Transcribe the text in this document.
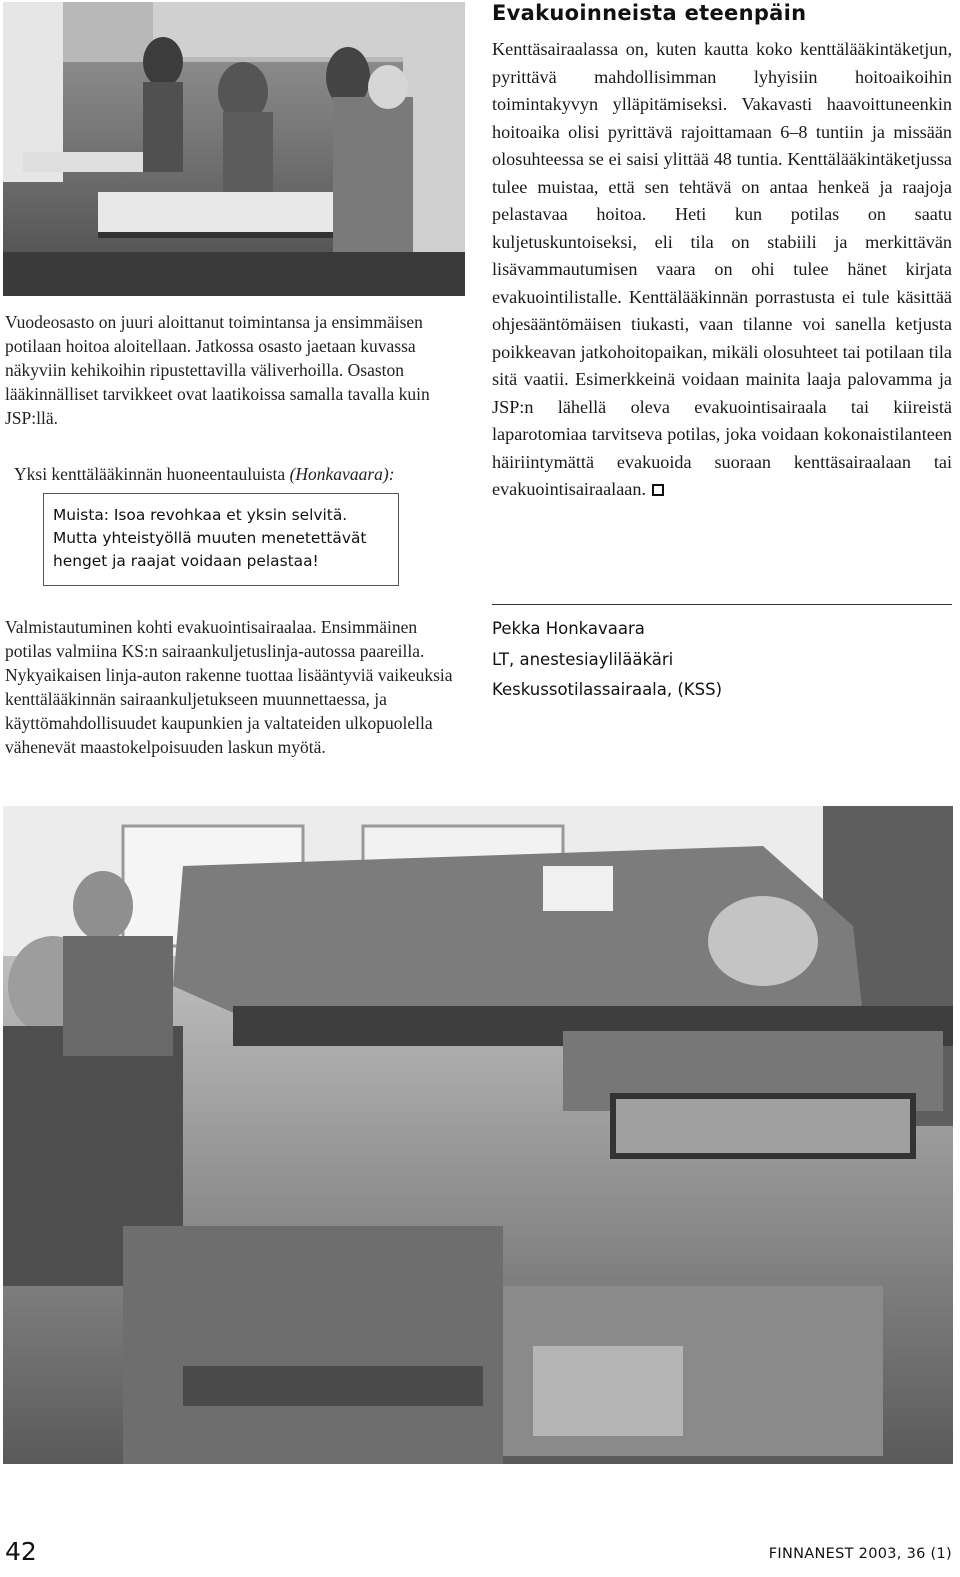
Vuodeosasto on juuri aloittanut toimintansa ja ensimmäisen potilaan hoitoa aloitellaan. Jatkossa osasto jaetaan kuvassa näkyviin kehikoihin ripustettavilla väliverhoilla. Osaston lääkinnälliset tarvikkeet ovat laatikoissa samalla tavalla kuin JSP:llä.
Yksi kenttälääkinnän huoneentauluista (Honkavaara):
Muista: Isoa revohkaa et yksin selvitä.
Mutta yhteistyöllä muuten menetettävät
henget ja raajat voidaan pelastaa!
Valmistautuminen kohti evakuointisairaalaa. Ensimmäinen potilas valmiina KS:n sairaankuljetuslinja-autossa paareilla. Nykyaikaisen linja-auton rakenne tuottaa lisääntyviä vaikeuksia kenttälääkinnän sairaankuljetukseen muunnettaessa, ja käyttömahdollisuudet kaupunkien ja valtateiden ulkopuolella vähenevät maastokelpoisuuden laskun myötä.
Evakuoinneista eteenpäin

Kenttäsairaalassa on, kuten kautta koko kenttälääkintäketjun, pyrittävä mahdollisimman lyhyisiin hoitoaikoihin toimintakyvyn ylläpitämiseksi. Vakavasti haavoittuneenkin hoitoaika olisi pyrittävä rajoittamaan 6–8 tuntiin ja missään olosuhteessa se ei saisi ylittää 48 tuntia. Kenttälääkintäketjussa tulee muistaa, että sen tehtävä on antaa henkeä ja raajoja pelastavaa hoitoa. Heti kun potilas on saatu kuljetuskuntoiseksi, eli tila on stabiili ja merkittävän lisävammautumisen vaara on ohi tulee hänet kirjata evakuointilistalle. Kenttälääkinnän porrastusta ei tule käsittää ohjesääntömäisen tiukasti, vaan tilanne voi sanella ketjusta poikkeavan jatkohoitopaikan, mikäli olosuhteet tai potilaan tila sitä vaatii. Esimerkkeinä voidaan mainita laaja palovamma ja JSP:n lähellä oleva evakuointisairaala tai kiireistä laparotomiaa tarvitseva potilas, joka voidaan kokonaistilanteen häiriintymättä evakuoida suoraan kenttäsairaalaan tai evakuointisairaalaan.

Pekka Honkavaara
LT, anestesiaylilääkäri
Keskussotilassairaala, (KSS)
42	FINNANEST 2003, 36 (1)
